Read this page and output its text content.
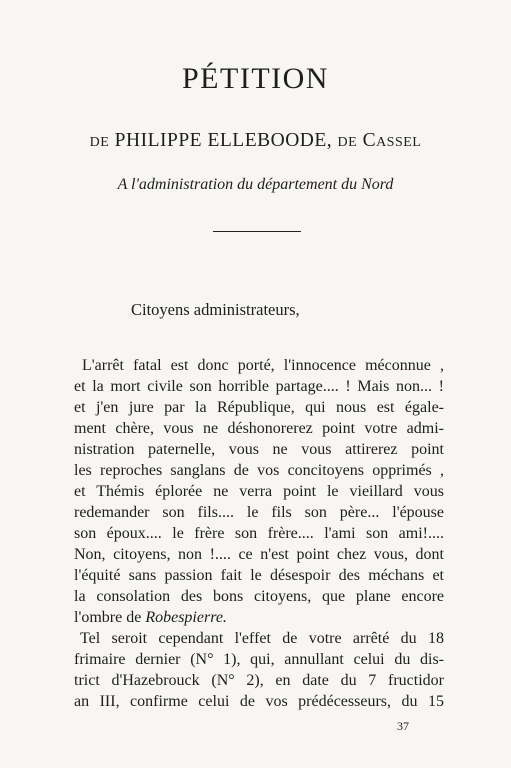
PÉTITION
de PHILIPPE ELLEBOODE, de Cassel
A l'administration du département du Nord
Citoyens administrateurs,
L'arrêt fatal est donc porté, l'innocence méconnue ,
et la mort civile son horrible partage.... ! Mais non... !
et j'en jure par la République, qui nous est égale-
ment chère, vous ne déshonorerez point votre admi-
nistration paternelle, vous ne vous attirerez point
les reproches sanglans de vos concitoyens opprimés ,
et Thémis éplorée ne verra point le vieillard vous
redemander son fils.... le fils son père... l'épouse
son époux.... le frère son frère.... l'ami son ami!....
Non, citoyens, non !.... ce n'est point chez vous, dont
l'équité sans passion fait le désespoir des méchans et
la consolation des bons citoyens, que plane encore
l'ombre de Robespierre.
Tel seroit cependant l'effet de votre arrêté du 18
frimaire dernier (N° 1), qui, annullant celui du dis-
trict d'Hazebrouck (N° 2), en date du 7 fructidor
an III, confirme celui de vos prédécesseurs, du 15
37
